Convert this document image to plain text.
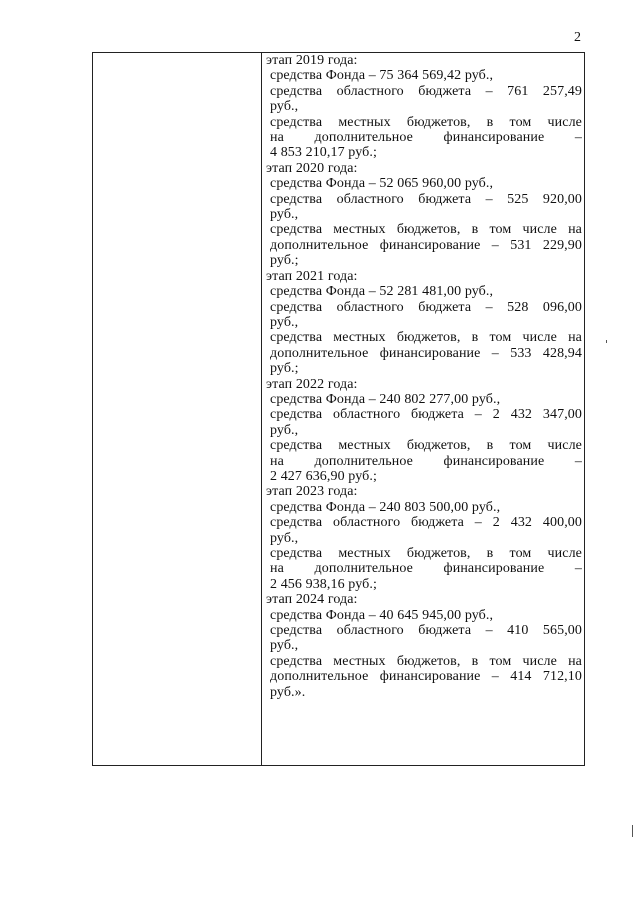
2
этап 2019 года:
средства Фонда – 75 364 569,42 руб.,
средства областного бюджета – 761 257,49
руб.,
средства местных бюджетов, в том числе
на дополнительное финансирование –
4 853 210,17 руб.;
этап 2020 года:
средства Фонда – 52 065 960,00 руб.,
средства областного бюджета – 525 920,00
руб.,
средства местных бюджетов, в том числе на
дополнительное финансирование – 531 229,90
руб.;
этап 2021 года:
средства Фонда – 52 281 481,00 руб.,
средства областного бюджета – 528 096,00
руб.,
средства местных бюджетов, в том числе на
дополнительное финансирование – 533 428,94
руб.;
этап 2022 года:
средства Фонда – 240 802 277,00 руб.,
средства областного бюджета – 2 432 347,00
руб.,
средства местных бюджетов, в том числе
на дополнительное финансирование –
2 427 636,90 руб.;
этап 2023 года:
средства Фонда – 240 803 500,00 руб.,
средства областного бюджета – 2 432 400,00
руб.,
средства местных бюджетов, в том числе
на дополнительное финансирование –
2 456 938,16 руб.;
этап 2024 года:
средства Фонда – 40 645 945,00 руб.,
средства областного бюджета – 410 565,00
руб.,
средства местных бюджетов, в том числе на
дополнительное финансирование – 414 712,10
руб.».
